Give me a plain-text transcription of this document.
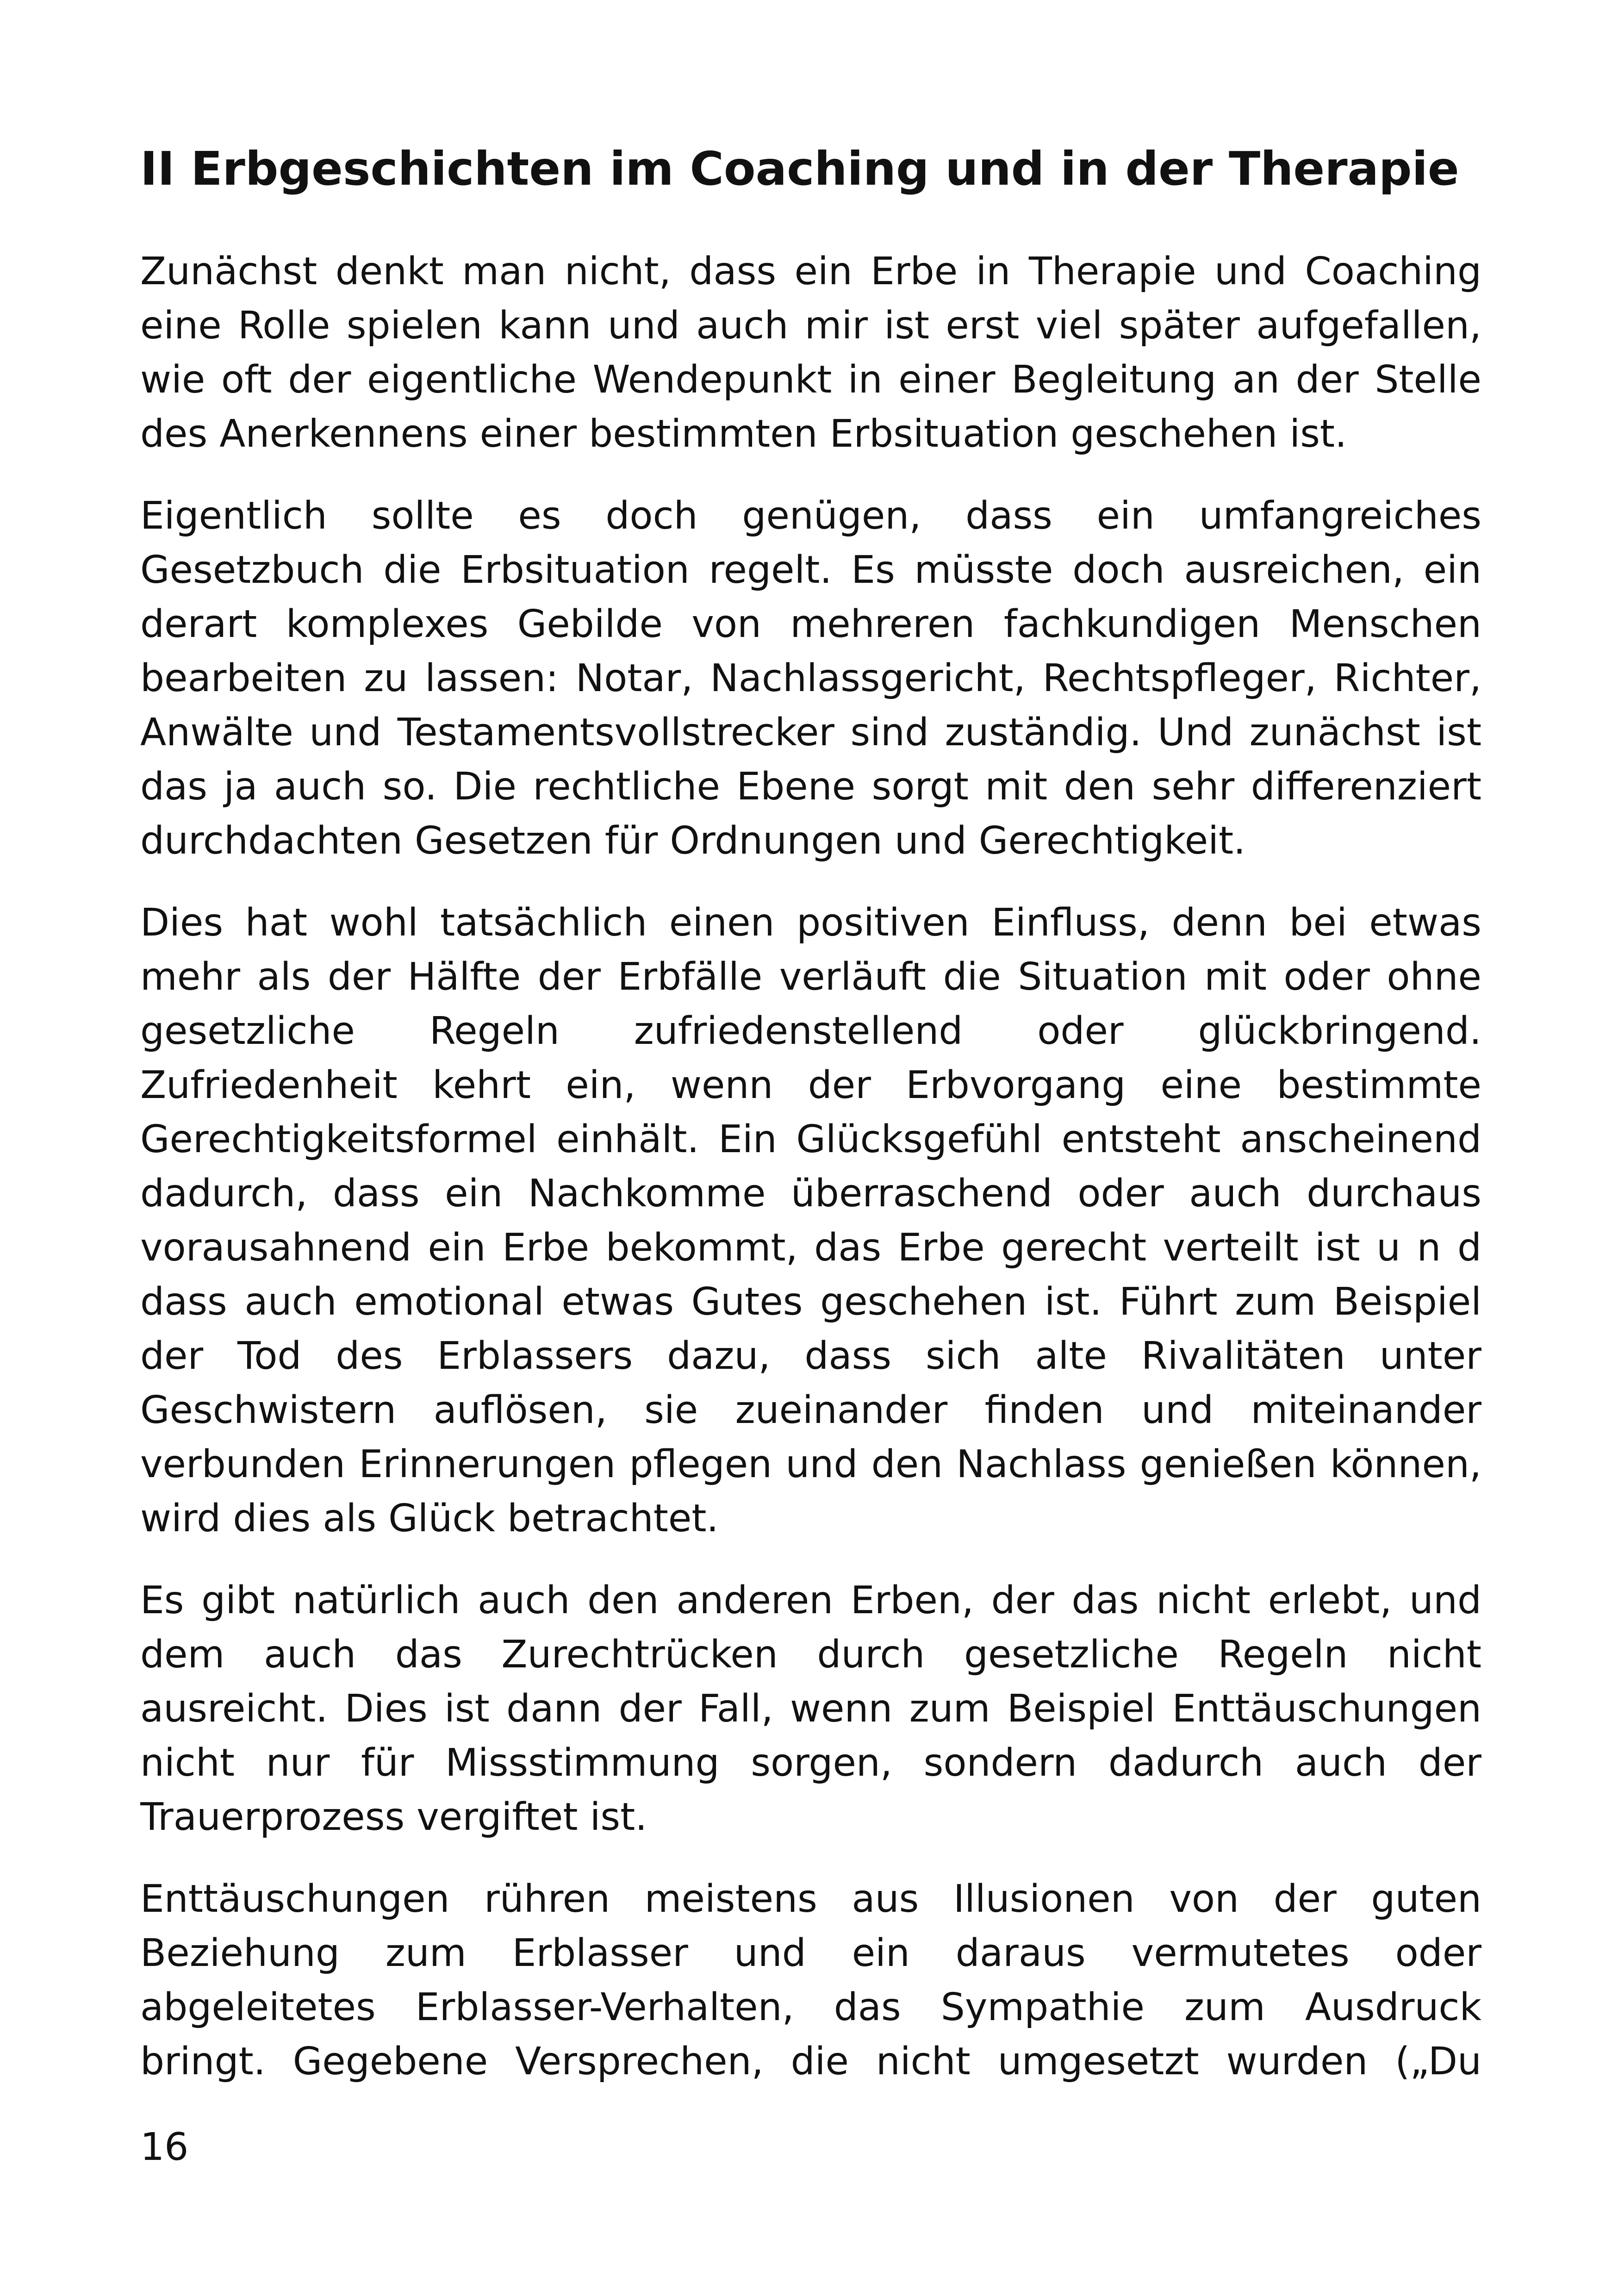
II Erbgeschichten im Coaching und in der Therapie
Zunächst denkt man nicht, dass ein Erbe in Therapie und Coaching
eine Rolle spielen kann und auch mir ist erst viel später aufgefallen,
wie oft der eigentliche Wendepunkt in einer Begleitung an der Stelle
des Anerkennens einer bestimmten Erbsituation geschehen ist.
Eigentlich sollte es doch genügen, dass ein umfangreiches
Gesetzbuch die Erbsituation regelt. Es müsste doch ausreichen, ein
derart komplexes Gebilde von mehreren fachkundigen Menschen
bearbeiten zu lassen: Notar, Nachlassgericht, Rechtspfleger, Richter,
Anwälte und Testamentsvollstrecker sind zuständig. Und zunächst ist
das ja auch so. Die rechtliche Ebene sorgt mit den sehr differenziert
durchdachten Gesetzen für Ordnungen und Gerechtigkeit.
Dies hat wohl tatsächlich einen positiven Einfluss, denn bei etwas
mehr als der Hälfte der Erbfälle verläuft die Situation mit oder ohne
gesetzliche Regeln zufriedenstellend oder glückbringend.
Zufriedenheit kehrt ein, wenn der Erbvorgang eine bestimmte
Gerechtigkeitsformel einhält. Ein Glücksgefühl entsteht anscheinend
dadurch, dass ein Nachkomme überraschend oder auch durchaus
vorausahnend ein Erbe bekommt, das Erbe gerecht verteilt ist u n d
dass auch emotional etwas Gutes geschehen ist. Führt zum Beispiel
der Tod des Erblassers dazu, dass sich alte Rivalitäten unter
Geschwistern auflösen, sie zueinander finden und miteinander
verbunden Erinnerungen pflegen und den Nachlass genießen können,
wird dies als Glück betrachtet.
Es gibt natürlich auch den anderen Erben, der das nicht erlebt, und
dem auch das Zurechtrücken durch gesetzliche Regeln nicht
ausreicht. Dies ist dann der Fall, wenn zum Beispiel Enttäuschungen
nicht nur für Missstimmung sorgen, sondern dadurch auch der
Trauerprozess vergiftet ist.
Enttäuschungen rühren meistens aus Illusionen von der guten
Beziehung zum Erblasser und ein daraus vermutetes oder
abgeleitetes Erblasser-Verhalten, das Sympathie zum Ausdruck
bringt. Gegebene Versprechen, die nicht umgesetzt wurden („Du
16
